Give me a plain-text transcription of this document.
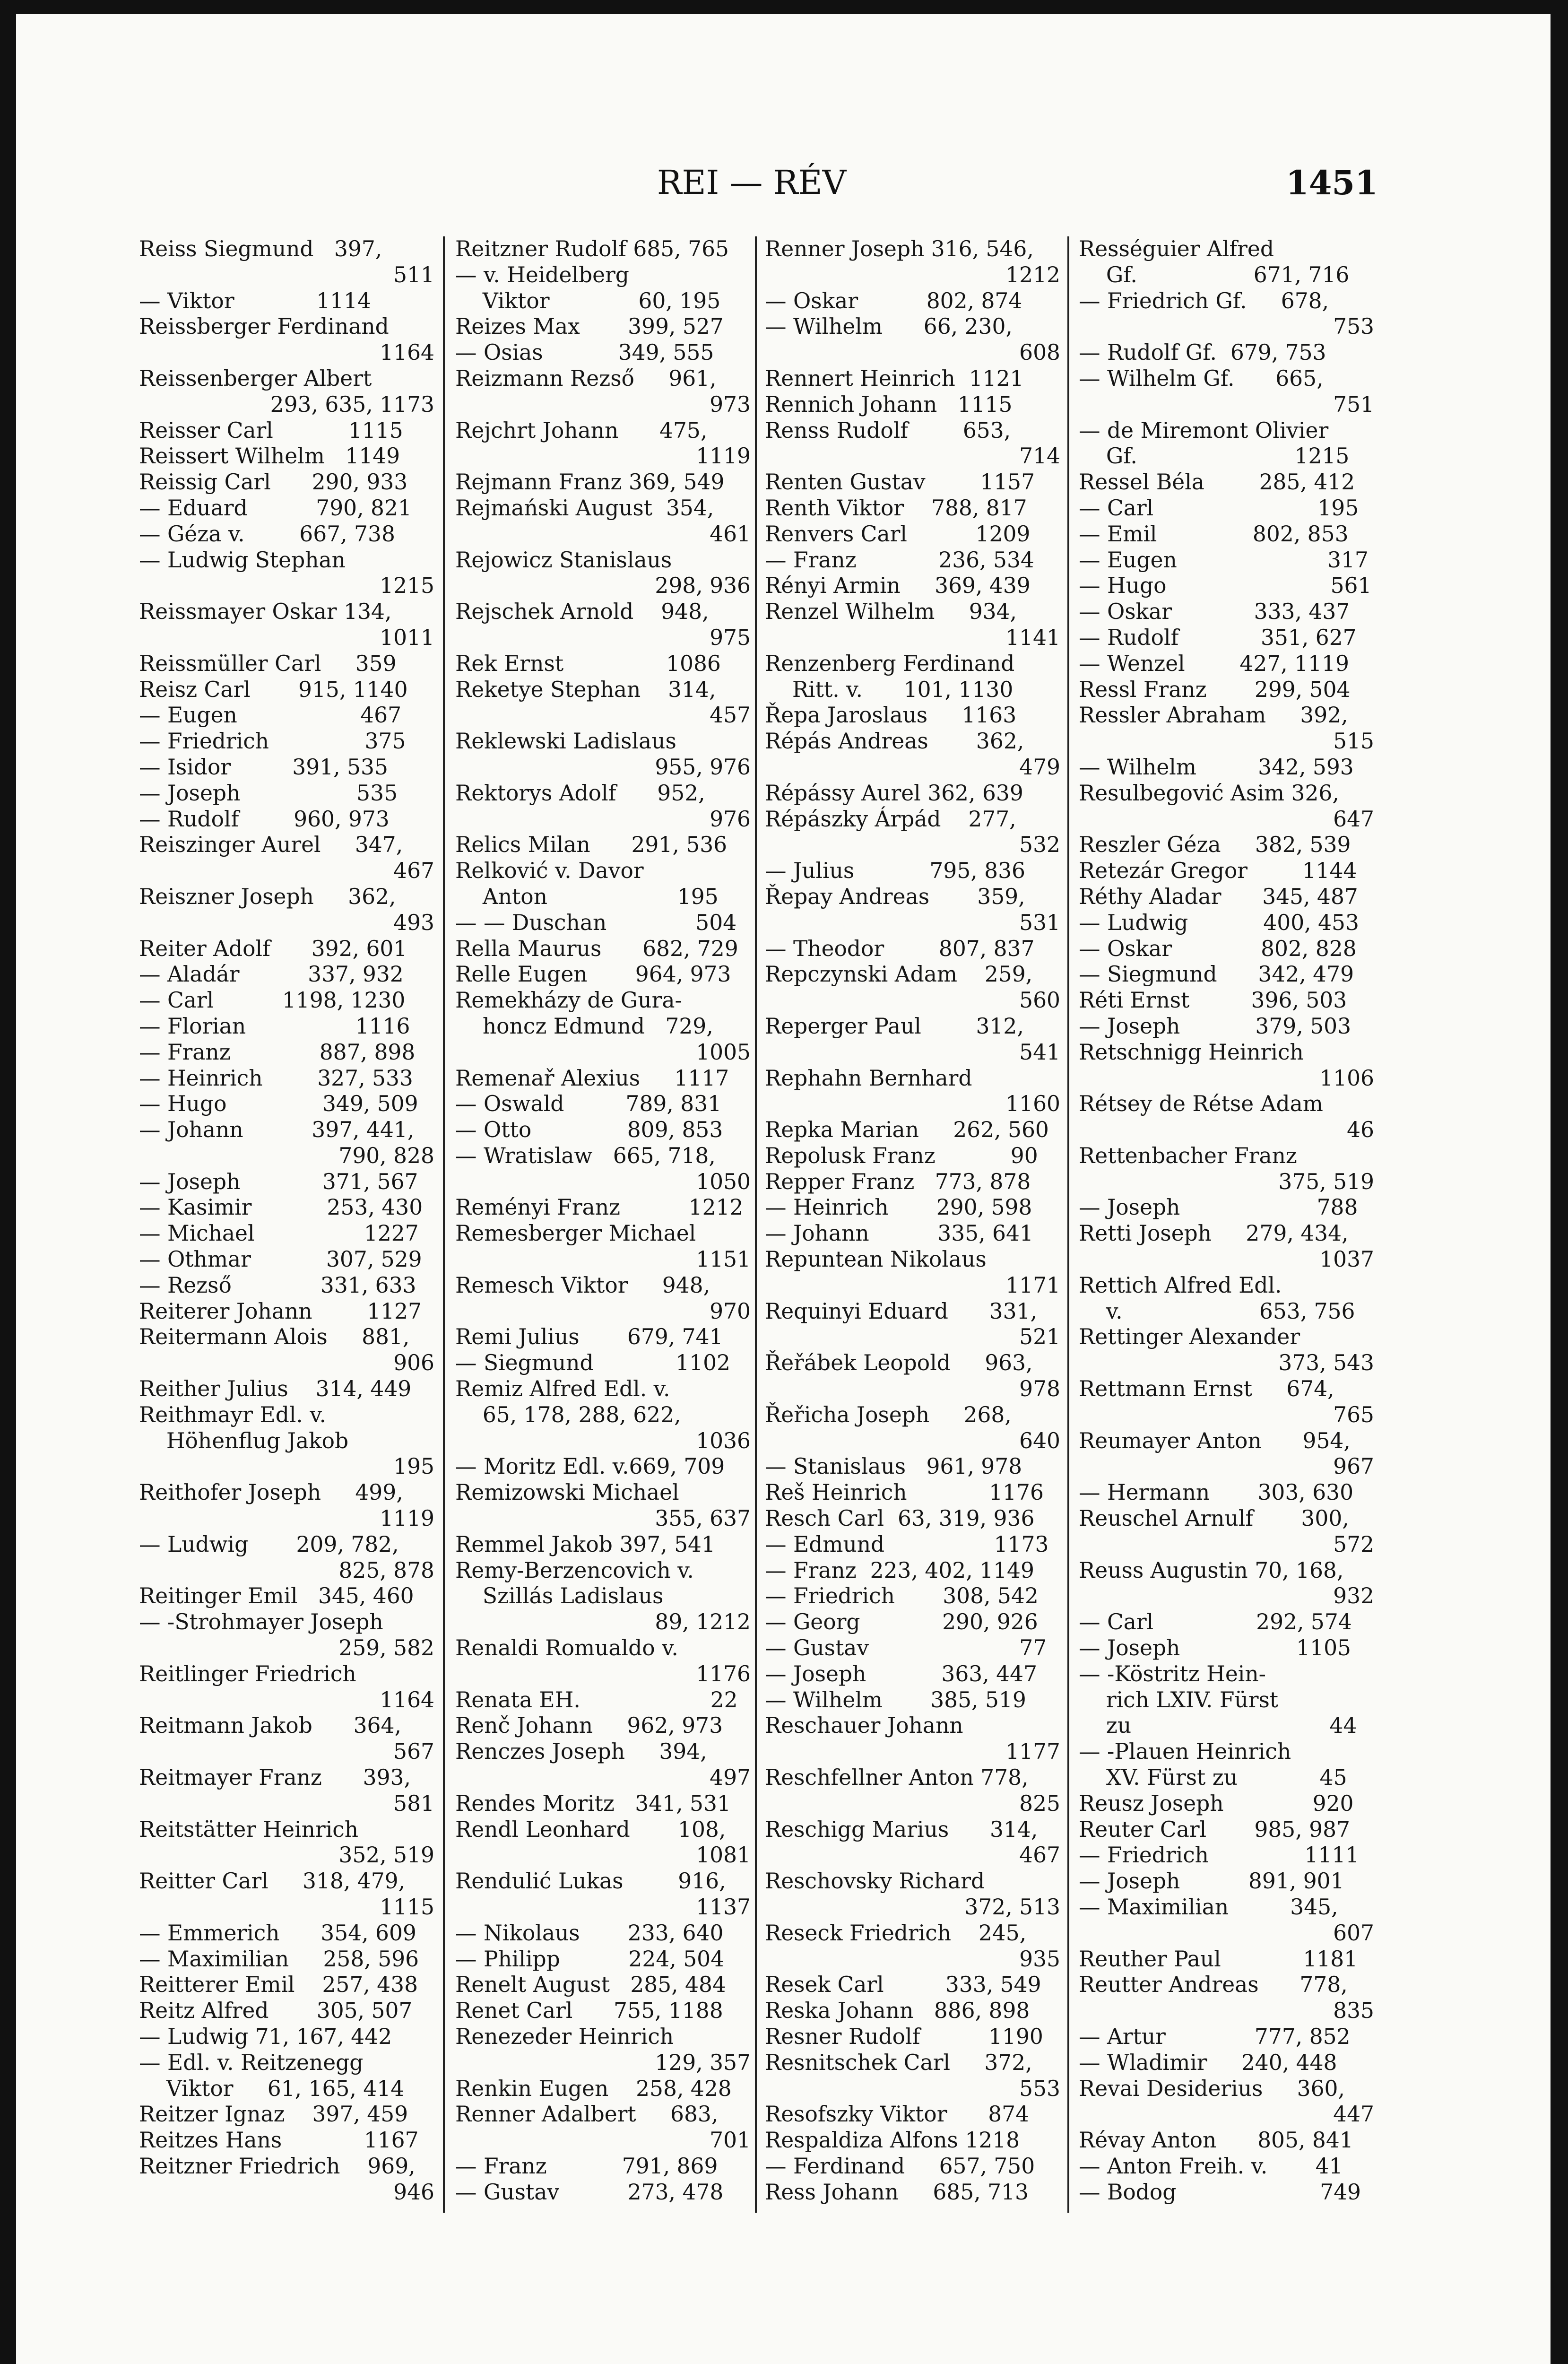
REI — RÉV	1451
Reiss Siegmund   397,
511
— Viktor            1114
Reissberger Ferdinand
1164
Reissenberger Albert
293, 635, 1173
Reisser Carl           1115
Reissert Wilhelm   1149
Reissig Carl      290, 933
— Eduard          790, 821
— Géza v.        667, 738
— Ludwig Stephan
1215
Reissmayer Oskar 134,
1011
Reissmüller Carl     359
Reisz Carl       915, 1140
— Eugen                  467
— Friedrich              375
— Isidor         391, 535
— Joseph                 535
— Rudolf        960, 973
Reiszinger Aurel     347,
467
Reiszner Joseph     362,
493
Reiter Adolf      392, 601
— Aladár          337, 932
— Carl          1198, 1230
— Florian                1116
— Franz             887, 898
— Heinrich        327, 533
— Hugo              349, 509
— Johann          397, 441,
790, 828
— Joseph            371, 567
— Kasimir           253, 430
— Michael                1227
— Othmar           307, 529
— Rezső             331, 633
Reiterer Johann        1127
Reitermann Alois     881,
906
Reither Julius    314, 449
Reithmayr Edl. v.
Höhenflug Jakob
195
Reithofer Joseph     499,
1119
— Ludwig       209, 782,
825, 878
Reitinger Emil   345, 460
— -Strohmayer Joseph
259, 582
Reitlinger Friedrich
1164
Reitmann Jakob      364,
567
Reitmayer Franz      393,
581
Reitstätter Heinrich
352, 519
Reitter Carl     318, 479,
1115
— Emmerich      354, 609
— Maximilian     258, 596
Reitterer Emil    257, 438
Reitz Alfred       305, 507
— Ludwig 71, 167, 442
— Edl. v. Reitzenegg
Viktor     61, 165, 414
Reitzer Ignaz    397, 459
Reitzes Hans            1167
Reitzner Friedrich    969,
946
Reitzner Rudolf 685, 765
— v. Heidelberg
Viktor             60, 195
Reizes Max       399, 527
— Osias           349, 555
Reizmann Rezső     961,
973
Rejchrt Johann      475,
1119
Rejmann Franz 369, 549
Rejmański August  354,
461
Rejowicz Stanislaus
298, 936
Rejschek Arnold    948,
975
Rek Ernst               1086
Reketye Stephan    314,
457
Reklewski Ladislaus
955, 976
Rektorys Adolf      952,
976
Relics Milan      291, 536
Relković v. Davor
Anton                   195
— — Duschan             504
Rella Maurus      682, 729
Relle Eugen       964, 973
Remekházy de Gura-
honcz Edmund   729,
1005
Remenař Alexius     1117
— Oswald         789, 831
— Otto              809, 853
— Wratislaw   665, 718,
1050
Reményi Franz          1212
Remesberger Michael
1151
Remesch Viktor     948,
970
Remi Julius       679, 741
— Siegmund            1102
Remiz Alfred Edl. v.
65, 178, 288, 622,
1036
— Moritz Edl. v.669, 709
Remizowski Michael
355, 637
Remmel Jakob 397, 541
Remy-Berzencovich v.
Szillás Ladislaus
89, 1212
Renaldi Romualdo v.
1176
Renata EH.                   22
Renč Johann     962, 973
Renczes Joseph     394,
497
Rendes Moritz   341, 531
Rendl Leonhard       108,
1081
Rendulić Lukas        916,
1137
— Nikolaus       233, 640
— Philipp          224, 504
Renelt August   285, 484
Renet Carl      755, 1188
Renezeder Heinrich
129, 357
Renkin Eugen    258, 428
Renner Adalbert     683,
701
— Franz           791, 869
— Gustav          273, 478
Renner Joseph 316, 546,
1212
— Oskar          802, 874
— Wilhelm      66, 230,
608
Rennert Heinrich  1121
Rennich Johann   1115
Renss Rudolf        653,
714
Renten Gustav        1157
Renth Viktor    788, 817
Renvers Carl          1209
— Franz            236, 534
Rényi Armin     369, 439
Renzel Wilhelm     934,
1141
Renzenberg Ferdinand
Ritt. v.      101, 1130
Řepa Jaroslaus     1163
Répás Andreas       362,
479
Répássy Aurel 362, 639
Répászky Árpád    277,
532
— Julius           795, 836
Řepay Andreas       359,
531
— Theodor        807, 837
Repczynski Adam    259,
560
Reperger Paul        312,
541
Rephahn Bernhard
1160
Repka Marian     262, 560
Repolusk Franz           90
Repper Franz   773, 878
— Heinrich       290, 598
— Johann          335, 641
Repuntean Nikolaus
1171
Requinyi Eduard      331,
521
Řeřábek Leopold     963,
978
Řeřicha Joseph     268,
640
— Stanislaus   961, 978
Reš Heinrich            1176
Resch Carl  63, 319, 936
— Edmund                1173
— Franz  223, 402, 1149
— Friedrich       308, 542
— Georg            290, 926
— Gustav                      77
— Joseph           363, 447
— Wilhelm       385, 519
Reschauer Johann
1177
Reschfellner Anton 778,
825
Reschigg Marius      314,
467
Reschovsky Richard
372, 513
Reseck Friedrich    245,
935
Resek Carl         333, 549
Reska Johann   886, 898
Resner Rudolf          1190
Resnitschek Carl     372,
553
Resofszky Viktor      874
Respaldiza Alfons 1218
— Ferdinand     657, 750
Ress Johann     685, 713
Rességuier Alfred
Gf.                 671, 716
— Friedrich Gf.     678,
753
— Rudolf Gf.  679, 753
— Wilhelm Gf.      665,
751
— de Miremont Olivier
Gf.                       1215
Ressel Béla        285, 412
— Carl                        195
— Emil              802, 853
— Eugen                      317
— Hugo                        561
— Oskar            333, 437
— Rudolf            351, 627
— Wenzel        427, 1119
Ressl Franz       299, 504
Ressler Abraham     392,
515
— Wilhelm         342, 593
Resulbegović Asim 326,
647
Reszler Géza     382, 539
Retezár Gregor        1144
Réthy Aladar      345, 487
— Ludwig           400, 453
— Oskar             802, 828
— Siegmund      342, 479
Réti Ernst         396, 503
— Joseph           379, 503
Retschnigg Heinrich
1106
Rétsey de Rétse Adam
46
Rettenbacher Franz
375, 519
— Joseph                    788
Retti Joseph     279, 434,
1037
Rettich Alfred Edl.
v.                    653, 756
Rettinger Alexander
373, 543
Rettmann Ernst     674,
765
Reumayer Anton      954,
967
— Hermann       303, 630
Reuschel Arnulf       300,
572
Reuss Augustin 70, 168,
932
— Carl               292, 574
— Joseph                 1105
— -Köstritz Hein-
rich LXIV. Fürst
zu                             44
— -Plauen Heinrich
XV. Fürst zu            45
Reusz Joseph             920
Reuter Carl       985, 987
— Friedrich              1111
— Joseph          891, 901
— Maximilian         345,
607
Reuther Paul            1181
Reutter Andreas      778,
835
— Artur             777, 852
— Wladimir     240, 448
Revai Desiderius     360,
447
Révay Anton      805, 841
— Anton Freih. v.       41
— Bodog                     749
